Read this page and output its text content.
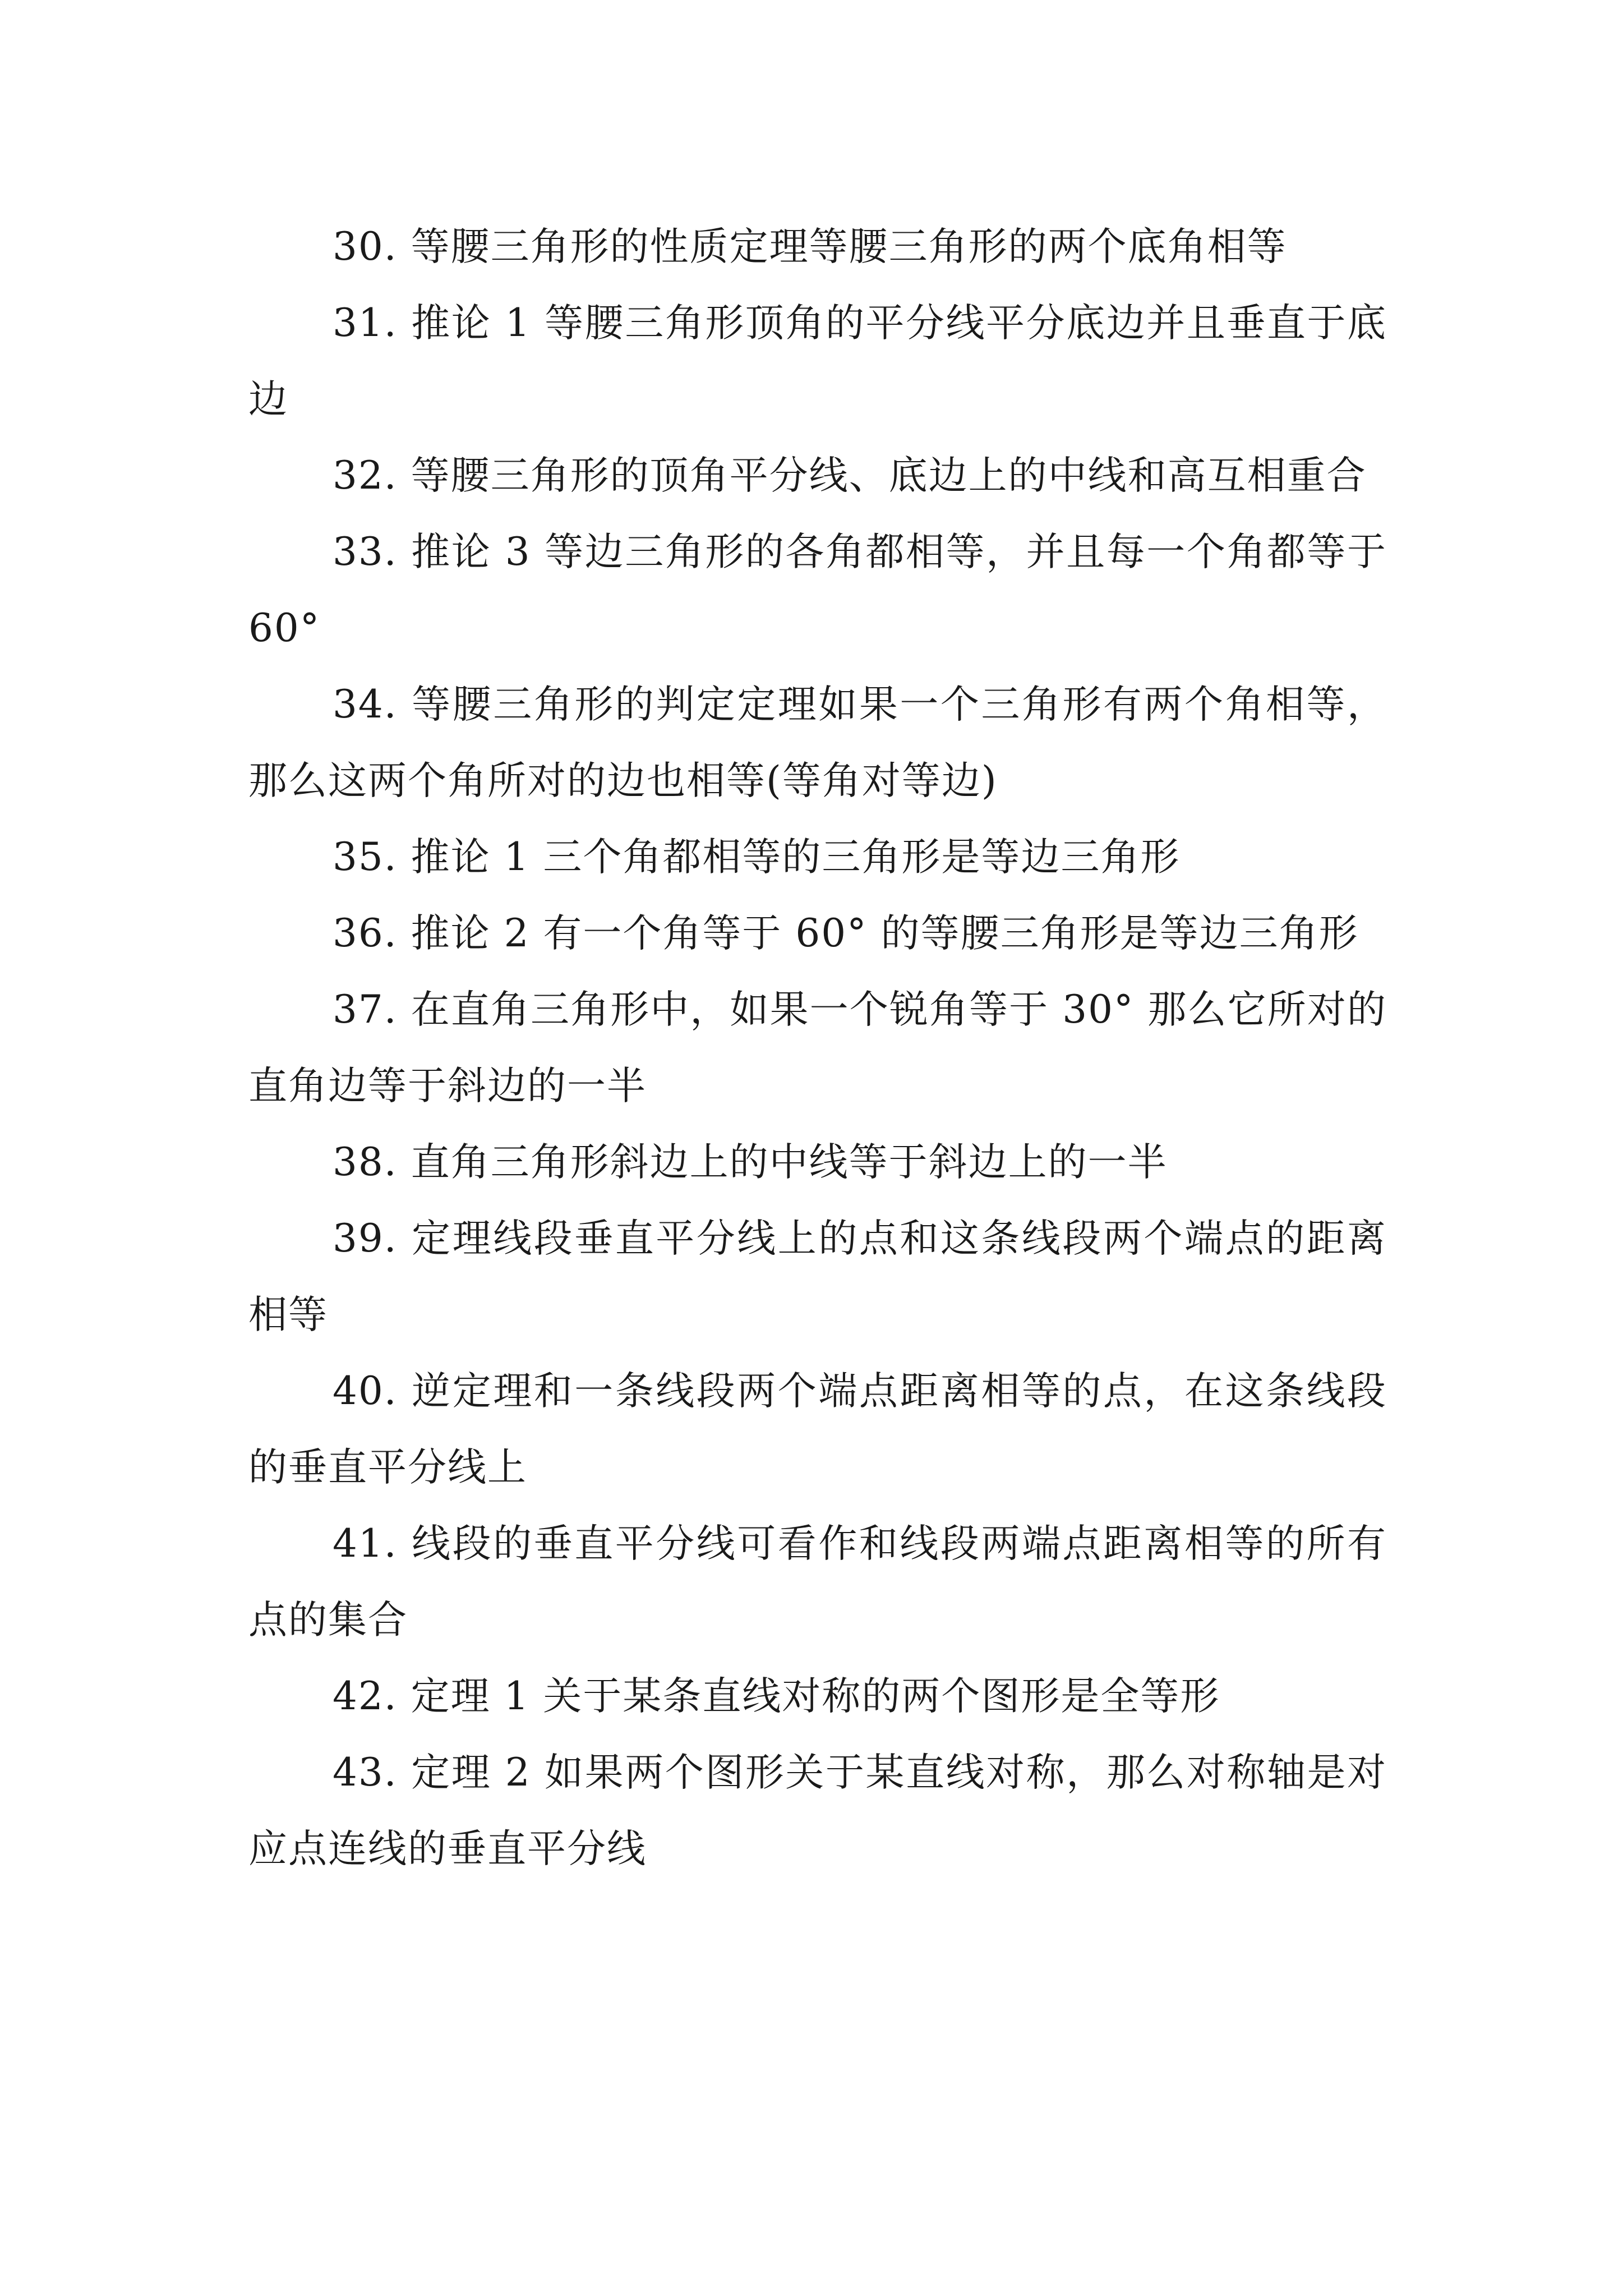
30. 等腰三角形的性质定理等腰三角形的两个底角相等

31. 推论 1 等腰三角形顶角的平分线平分底边并且垂直于底边

32. 等腰三角形的顶角平分线、底边上的中线和高互相重合

33. 推论 3 等边三角形的各角都相等，并且每一个角都等于 60°

34. 等腰三角形的判定定理如果一个三角形有两个角相等，那么这两个角所对的边也相等(等角对等边)

35. 推论 1 三个角都相等的三角形是等边三角形

36. 推论 2 有一个角等于 60° 的等腰三角形是等边三角形

37. 在直角三角形中，如果一个锐角等于 30° 那么它所对的直角边等于斜边的一半

38. 直角三角形斜边上的中线等于斜边上的一半

39. 定理线段垂直平分线上的点和这条线段两个端点的距离相等

40. 逆定理和一条线段两个端点距离相等的点，在这条线段的垂直平分线上

41. 线段的垂直平分线可看作和线段两端点距离相等的所有点的集合

42. 定理 1 关于某条直线对称的两个图形是全等形

43. 定理 2 如果两个图形关于某直线对称，那么对称轴是对应点连线的垂直平分线
